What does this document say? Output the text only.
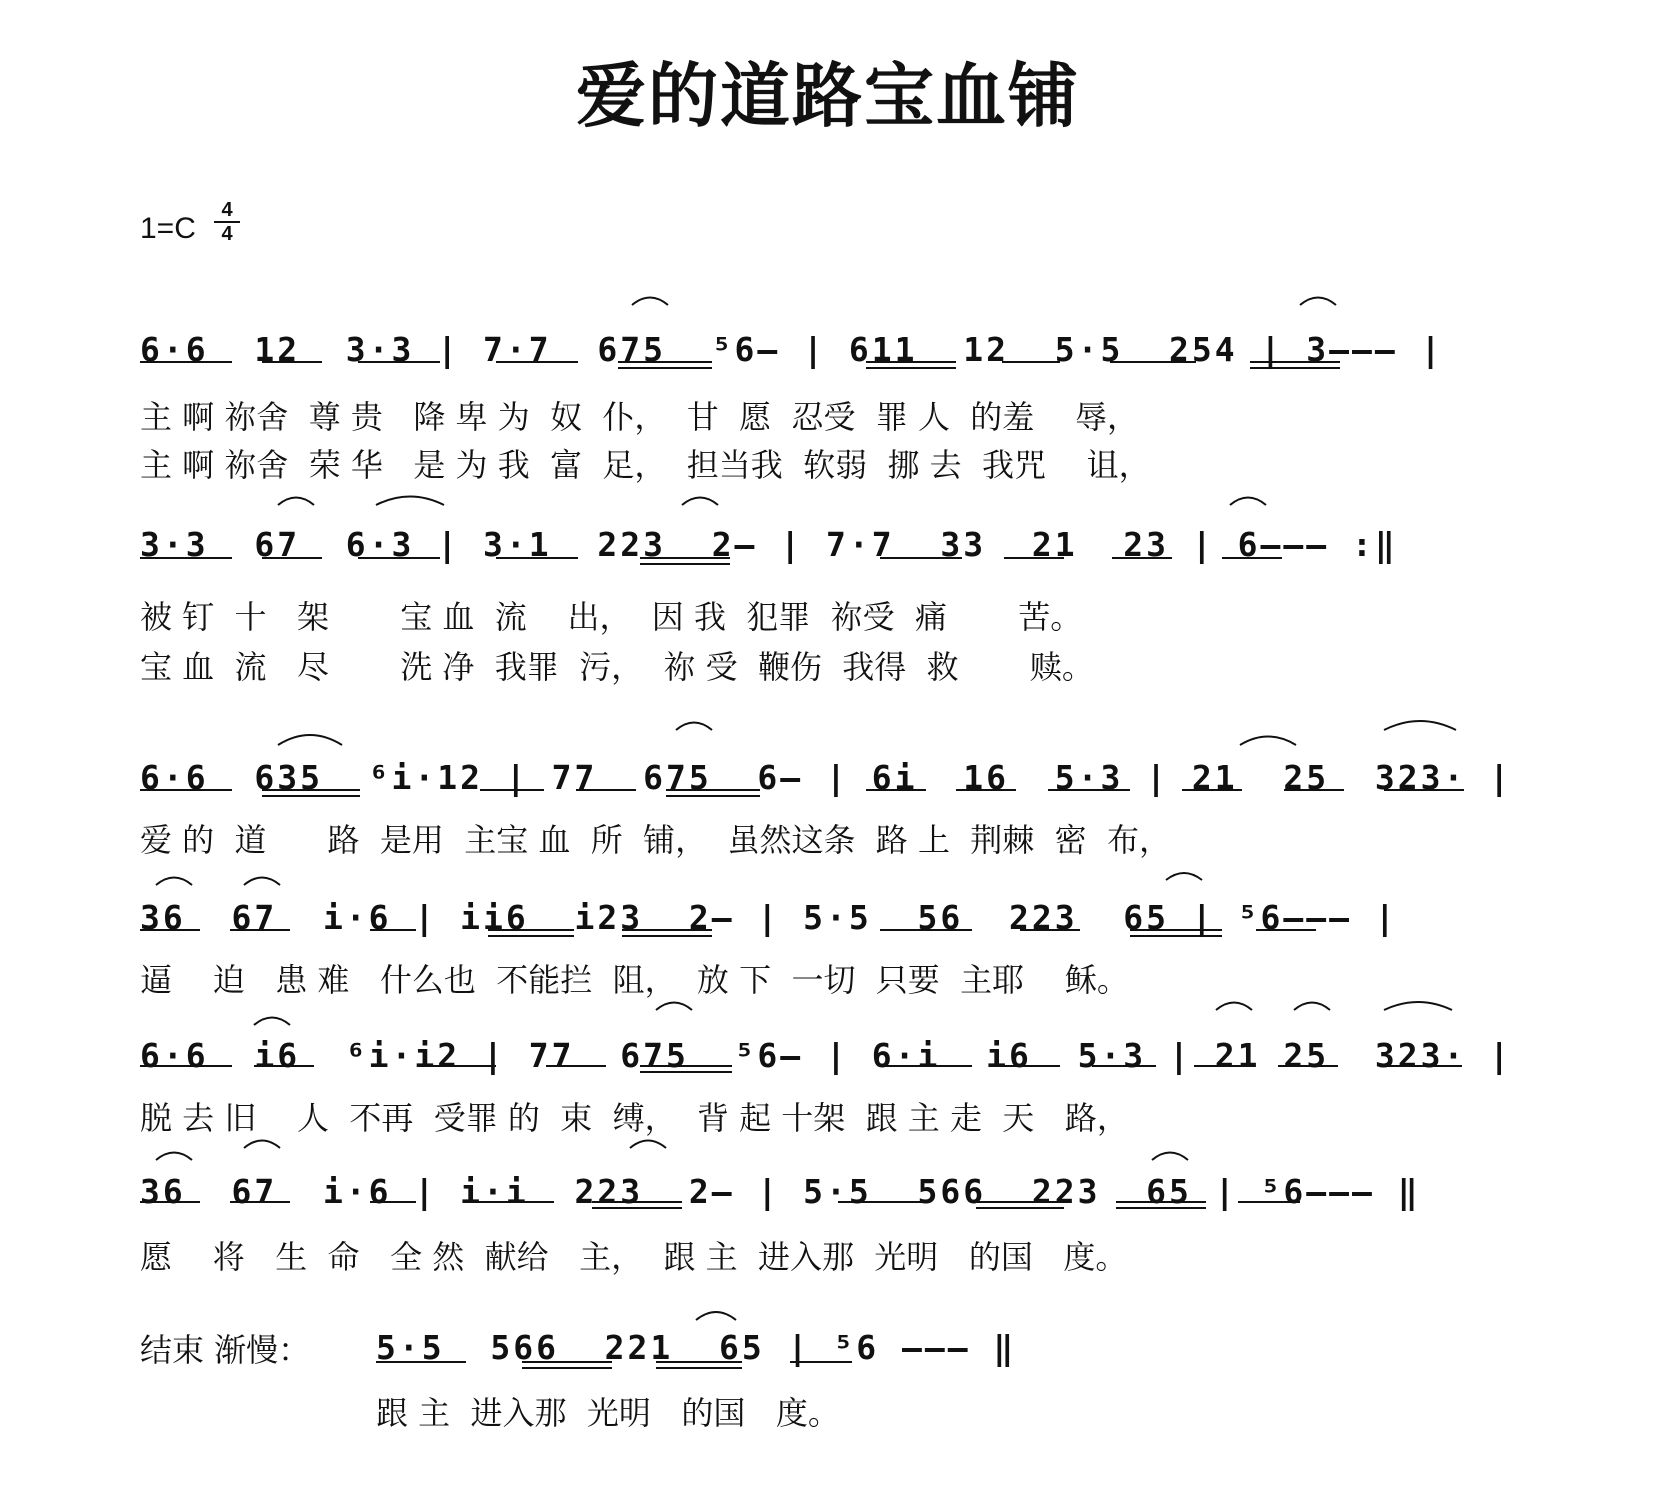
爱的道路宝血铺
1=C
4
4
6·6  12  3·3 | 7·7  675  ⁵6– | 611  12  5·5  254 | 3––– |
主 啊 祢舍  尊 贵   降 卑 为  奴  仆，  甘  愿  忍受  罪 人  的羞    辱，
主 啊 祢舍  荣 华   是 为 我  富  足，  担当我  软弱  挪 去  我咒    诅，
3·3  67  6·3 | 3·1  223  2– | 7·7  33  21  23 | 6––– :‖
被 钉  十   架       宝 血  流    出，  因 我  犯罪  祢受  痛       苦。
宝 血  流   尽       洗 净  我罪  污，  祢 受  鞭伤  我得  救       赎。
6·6  635  ⁶i·12 | 77  675  6– | 6i  16  5·3 | 21  25  323· |
爱 的  道      路  是用  主宝 血  所  铺，  虽然这条  路 上  荆棘  密  布，
36  67  i·6 | ii6  i23  2– | 5·5  56  223  65 | ⁵6––– |
逼    迫   患 难   什么也  不能拦  阻，  放 下  一切  只要  主耶    稣。
6·6  i6  ⁶i·i2 | 77  675  ⁵6– | 6·i  i6  5·3 | 21 25  323· |
脱 去 旧    人  不再  受罪 的  束  缚，  背 起 十架  跟 主 走  天   路，
36  67  i·6 | i·i  223  2– | 5·5  566  223  65 | ⁵6––– ‖
愿    将   生  命   全 然  献给   主，  跟 主  进入那  光明   的国   度。
结束 渐慢： 5·5  566  221  65 | ⁵6 ––– ‖
跟 主  进入那  光明   的国   度。
